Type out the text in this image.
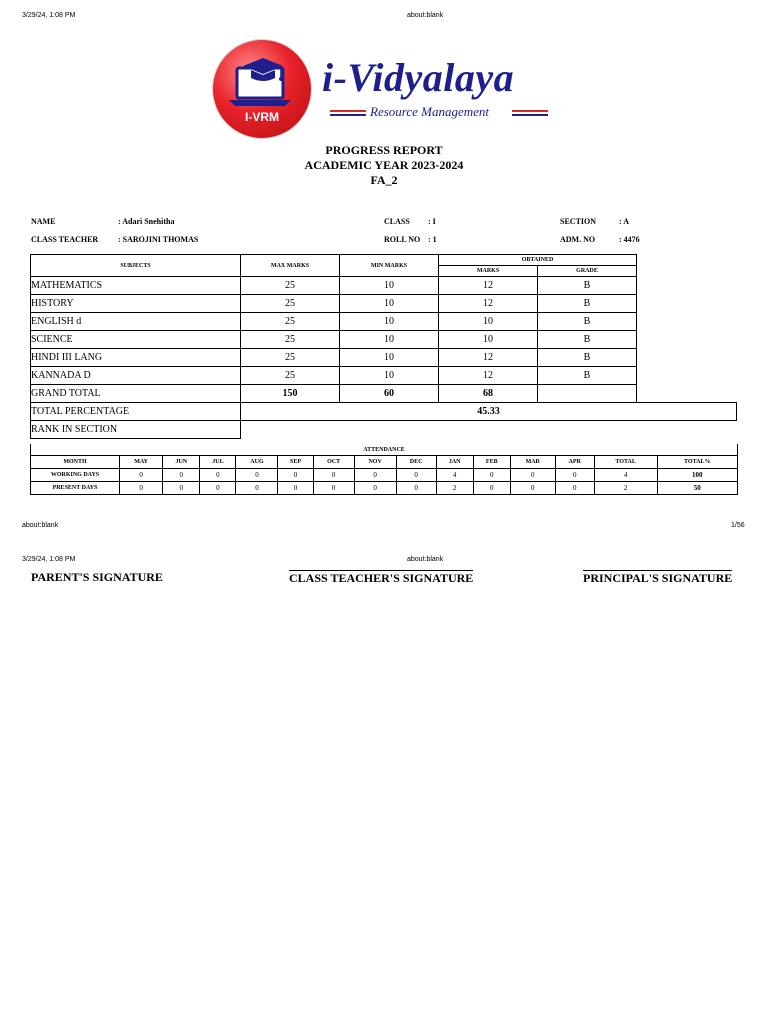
3/29/24, 1:08 PM	about:blank
about:blank	1/56
3/29/24, 1:08 PM	about:blank
I-VRM
i-Vidyalaya
Resource Management
PROGRESS REPORT
ACADEMIC YEAR 2023-2024
FA_2
NAME	: Adari Snehitha	CLASS : I	SECTION	: A
CLASS TEACHER : SAROJINI THOMAS	ROLL NO : 1	ADM. NO	: 4476
SUBJECTS	MAX MARKS	MIN MARKS	OBTAINED		
			MARKS	GRADE	
MATHEMATICS	25	10	12	B	
HISTORY	25	10	12	B	
ENGLISH d	25	10	10	B	
SCIENCE	25	10	10	B	
HINDI III LANG	25	10	12	B	
KANNADA D	25	10	12	B	
GRAND TOTAL	150	60	68		
TOTAL PERCENTAGE	45.33				
RANK IN SECTION					
ATTENDANCE														
MONTH	MAY	JUN	JUL	AUG	SEP	OCT	NOV	DEC	JAN	FEB	MAR	APR	TOTAL	TOTAL%
WORKING DAYS	0	0	0	0	0	0	0	0	4	0	0	0	4	100
PRESENT DAYS	0	0	0	0	0	0	0	0	2	0	0	0	2	50
PARENT'S SIGNATURE	CLASS TEACHER'S SIGNATURE	PRINCIPAL'S SIGNATURE
